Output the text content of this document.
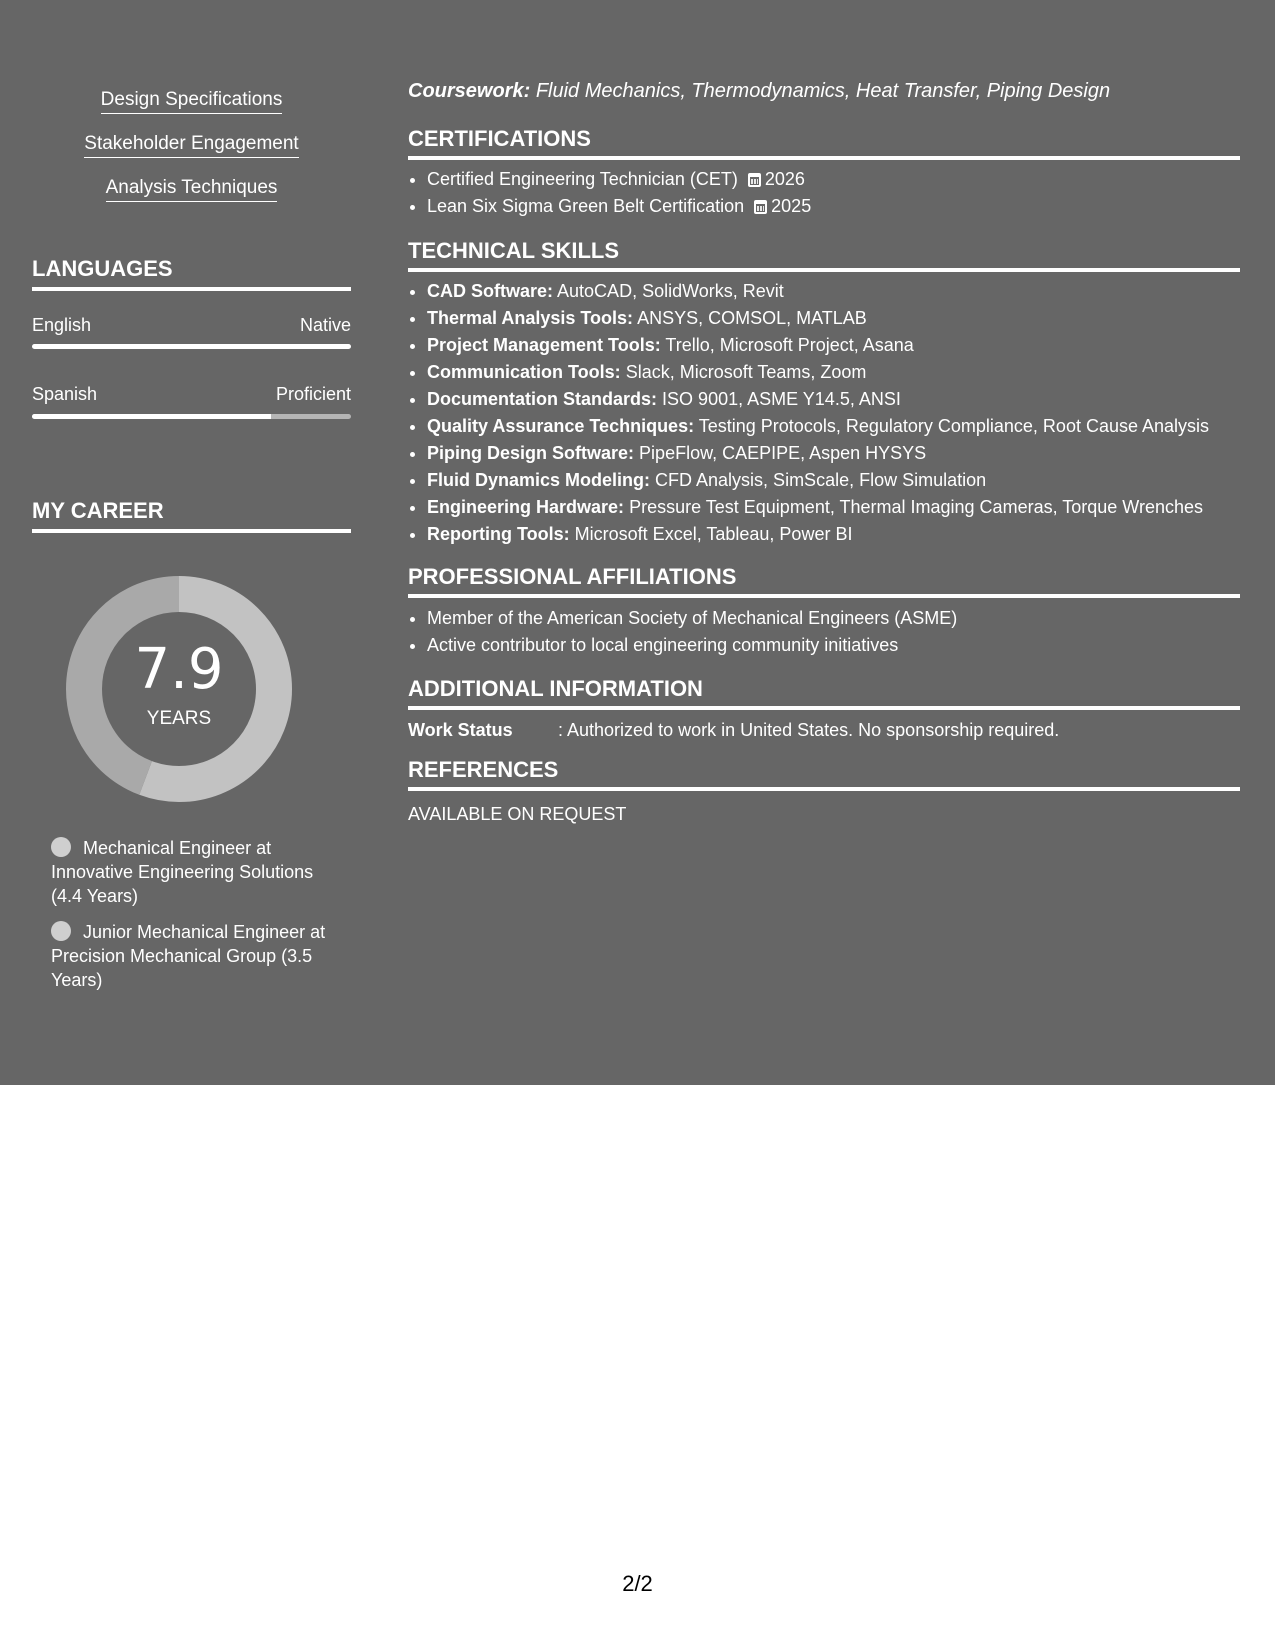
Design Specifications
Stakeholder Engagement
Analysis Techniques
LANGUAGES
English	Native
Spanish	Proficient
MY CAREER
7.9
YEARS
Mechanical Engineer at Innovative Engineering Solutions (4.4 Years)
Junior Mechanical Engineer at Precision Mechanical Group (3.5 Years)
Coursework: Fluid Mechanics, Thermodynamics, Heat Transfer, Piping Design
CERTIFICATIONS
• Certified Engineering Technician (CET) 2026
• Lean Six Sigma Green Belt Certification 2025
TECHNICAL SKILLS
• CAD Software: AutoCAD, SolidWorks, Revit
• Thermal Analysis Tools: ANSYS, COMSOL, MATLAB
• Project Management Tools: Trello, Microsoft Project, Asana
• Communication Tools: Slack, Microsoft Teams, Zoom
• Documentation Standards: ISO 9001, ASME Y14.5, ANSI
• Quality Assurance Techniques: Testing Protocols, Regulatory Compliance, Root Cause Analysis
• Piping Design Software: PipeFlow, CAEPIPE, Aspen HYSYS
• Fluid Dynamics Modeling: CFD Analysis, SimScale, Flow Simulation
• Engineering Hardware: Pressure Test Equipment, Thermal Imaging Cameras, Torque Wrenches
• Reporting Tools: Microsoft Excel, Tableau, Power BI
PROFESSIONAL AFFILIATIONS
• Member of the American Society of Mechanical Engineers (ASME)
• Active contributor to local engineering community initiatives
ADDITIONAL INFORMATION
Work Status	: Authorized to work in United States. No sponsorship required.
REFERENCES
AVAILABLE ON REQUEST
2/2
